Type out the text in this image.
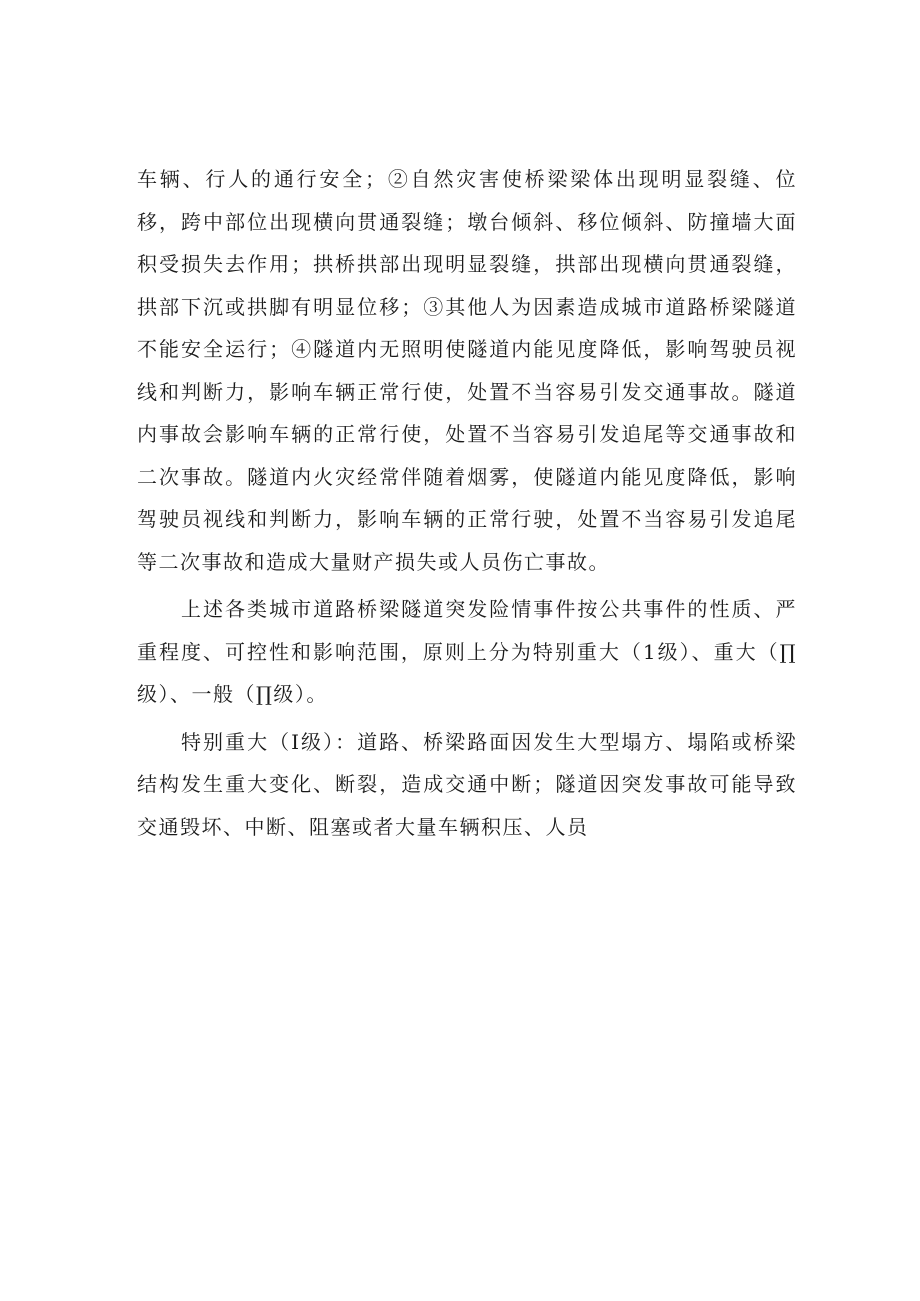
车辆、行人的通行安全；②自然灾害使桥梁梁体出现明显裂缝、位移，跨中部位出现横向贯通裂缝；墩台倾斜、移位倾斜、防撞墙大面积受损失去作用；拱桥拱部出现明显裂缝，拱部出现横向贯通裂缝，拱部下沉或拱脚有明显位移；③其他人为因素造成城市道路桥梁隧道不能安全运行；④隧道内无照明使隧道内能见度降低，影响驾驶员视线和判断力，影响车辆正常行使，处置不当容易引发交通事故。隧道内事故会影响车辆的正常行使，处置不当容易引发追尾等交通事故和二次事故。隧道内火灾经常伴随着烟雾，使隧道内能见度降低，影响驾驶员视线和判断力，影响车辆的正常行驶，处置不当容易引发追尾等二次事故和造成大量财产损失或人员伤亡事故。

上述各类城市道路桥梁隧道突发险情事件按公共事件的性质、严重程度、可控性和影响范围，原则上分为特别重大（1级）、重大（∏级）、一般（∏级）。

特别重大（I级）：道路、桥梁路面因发生大型塌方、塌陷或桥梁结构发生重大变化、断裂，造成交通中断；隧道因突发事故可能导致交通毁坏、中断、阻塞或者大量车辆积压、人员
